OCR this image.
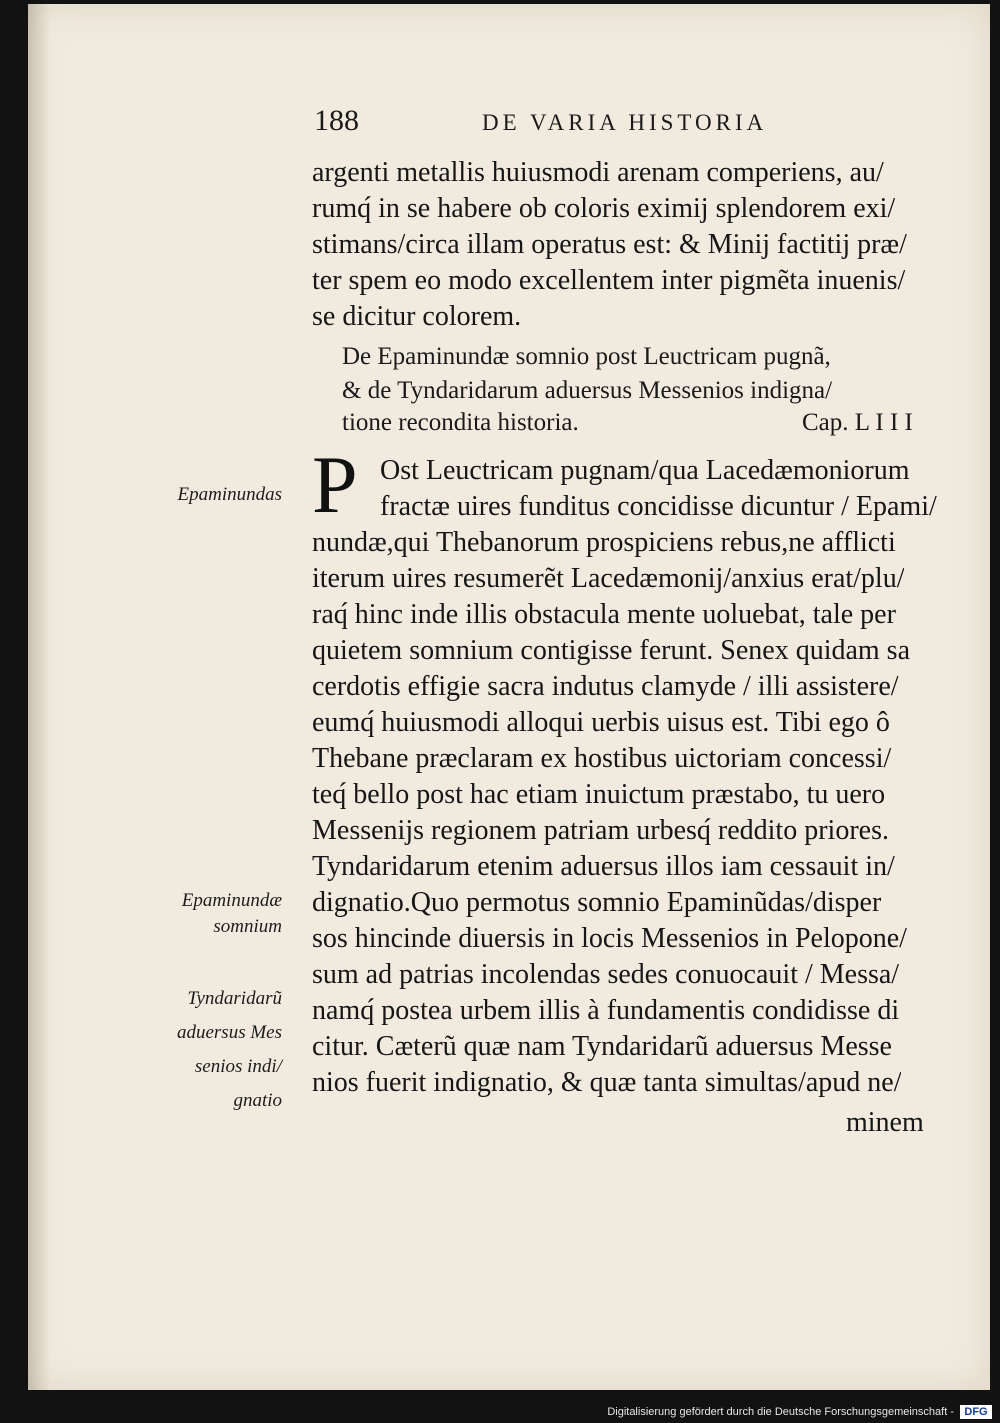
188	DE VARIA HISTORIA
argenti metallis huiusmodi arenam comperiens, au/
rumq́ in se habere ob coloris eximij splendorem exi/
stimans/circa illam operatus est: & Minij factitij præ/
ter spem eo modo excellentem inter pigmẽta inuenis/
se dicitur colorem.
De Epaminundæ somnio post Leuctricam pugnã,
& de Tyndaridarum aduersus Messenios indigna/
tione recondita historia.	Cap. L I I I
P Ost Leuctricam pugnam/qua Lacedæmoniorum
fractæ uires funditus concidisse dicuntur / Epami/
nundæ,qui Thebanorum prospiciens rebus,ne afflicti
iterum uires resumerẽt Lacedæmonij/anxius erat/plu/
raq́ hinc inde illis obstacula mente uoluebat, tale per
quietem somnium contigisse ferunt. Senex quidam sa
cerdotis effigie sacra indutus clamyde / illi assistere/
eumq́ huiusmodi alloqui uerbis uisus est. Tibi ego ô
Thebane præclaram ex hostibus uictoriam concessi/
teq́ bello post hac etiam inuictum præstabo, tu uero
Messenijs regionem patriam urbesq́ reddito priores.
Tyndaridarum etenim aduersus illos iam cessauit in/
dignatio.Quo permotus somnio Epaminũdas/disper
sos hincinde diuersis in locis Messenios in Pelopone/
sum ad patrias incolendas sedes conuocauit / Messa/
namq́ postea urbem illis à fundamentis condidisse di
citur. Cæterũ quæ nam Tyndaridarũ aduersus Messe
nios fuerit indignatio, & quæ tanta simultas/apud ne/
minem
Epaminundas
Epaminundæ
somnium
Tyndaridarũ
aduersus Mes
senios indi/
gnatio
Digitalisierung gefördert durch die Deutsche Forschungsgemeinschaft - DFG
